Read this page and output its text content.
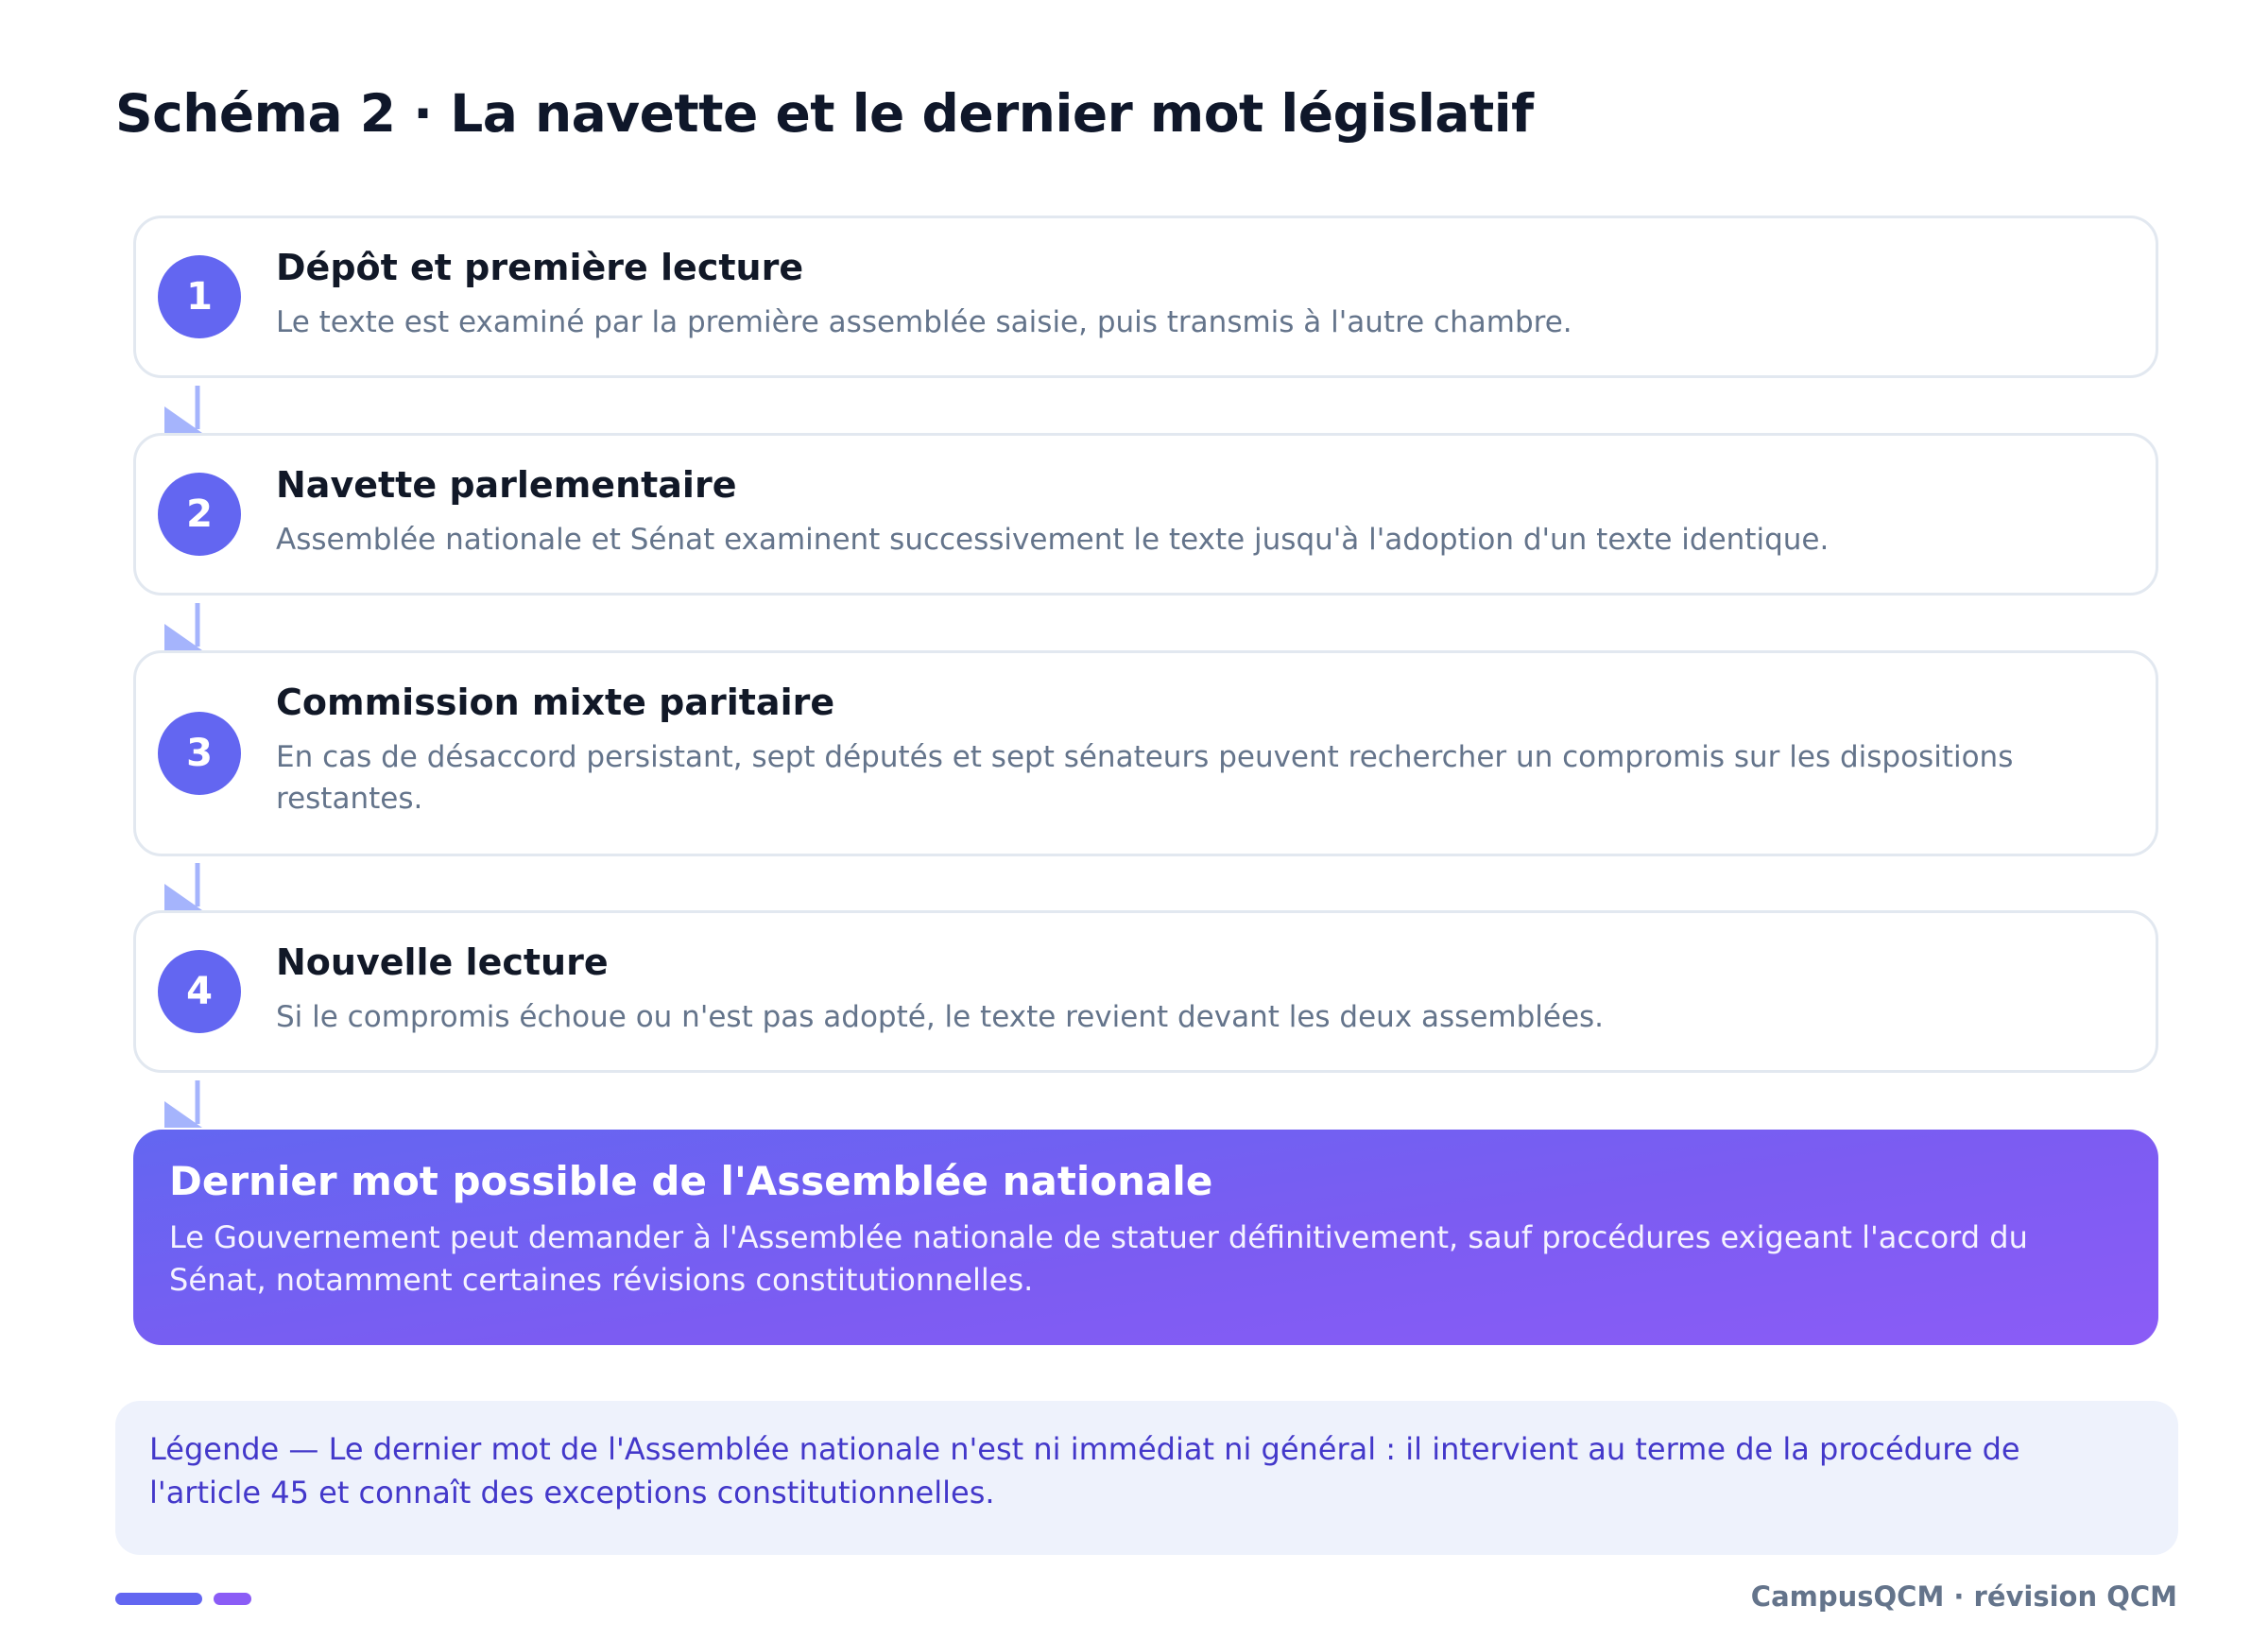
Schéma 2 · La navette et le dernier mot législatif
1
Dépôt et première lecture
Le texte est examiné par la première assemblée saisie, puis transmis à l'autre chambre.
2
Navette parlementaire
Assemblée nationale et Sénat examinent successivement le texte jusqu'à l'adoption d'un texte identique.
3
Commission mixte paritaire
En cas de désaccord persistant, sept députés et sept sénateurs peuvent rechercher un compromis sur les dispositions restantes.
4
Nouvelle lecture
Si le compromis échoue ou n'est pas adopté, le texte revient devant les deux assemblées.
Dernier mot possible de l'Assemblée nationale
Le Gouvernement peut demander à l'Assemblée nationale de statuer définitivement, sauf procédures exigeant l'accord du Sénat, notamment certaines révisions constitutionnelles.
Légende — Le dernier mot de l'Assemblée nationale n'est ni immédiat ni général : il intervient au terme de la procédure de l'article 45 et connaît des exceptions constitutionnelles.
CampusQCM · révision QCM
